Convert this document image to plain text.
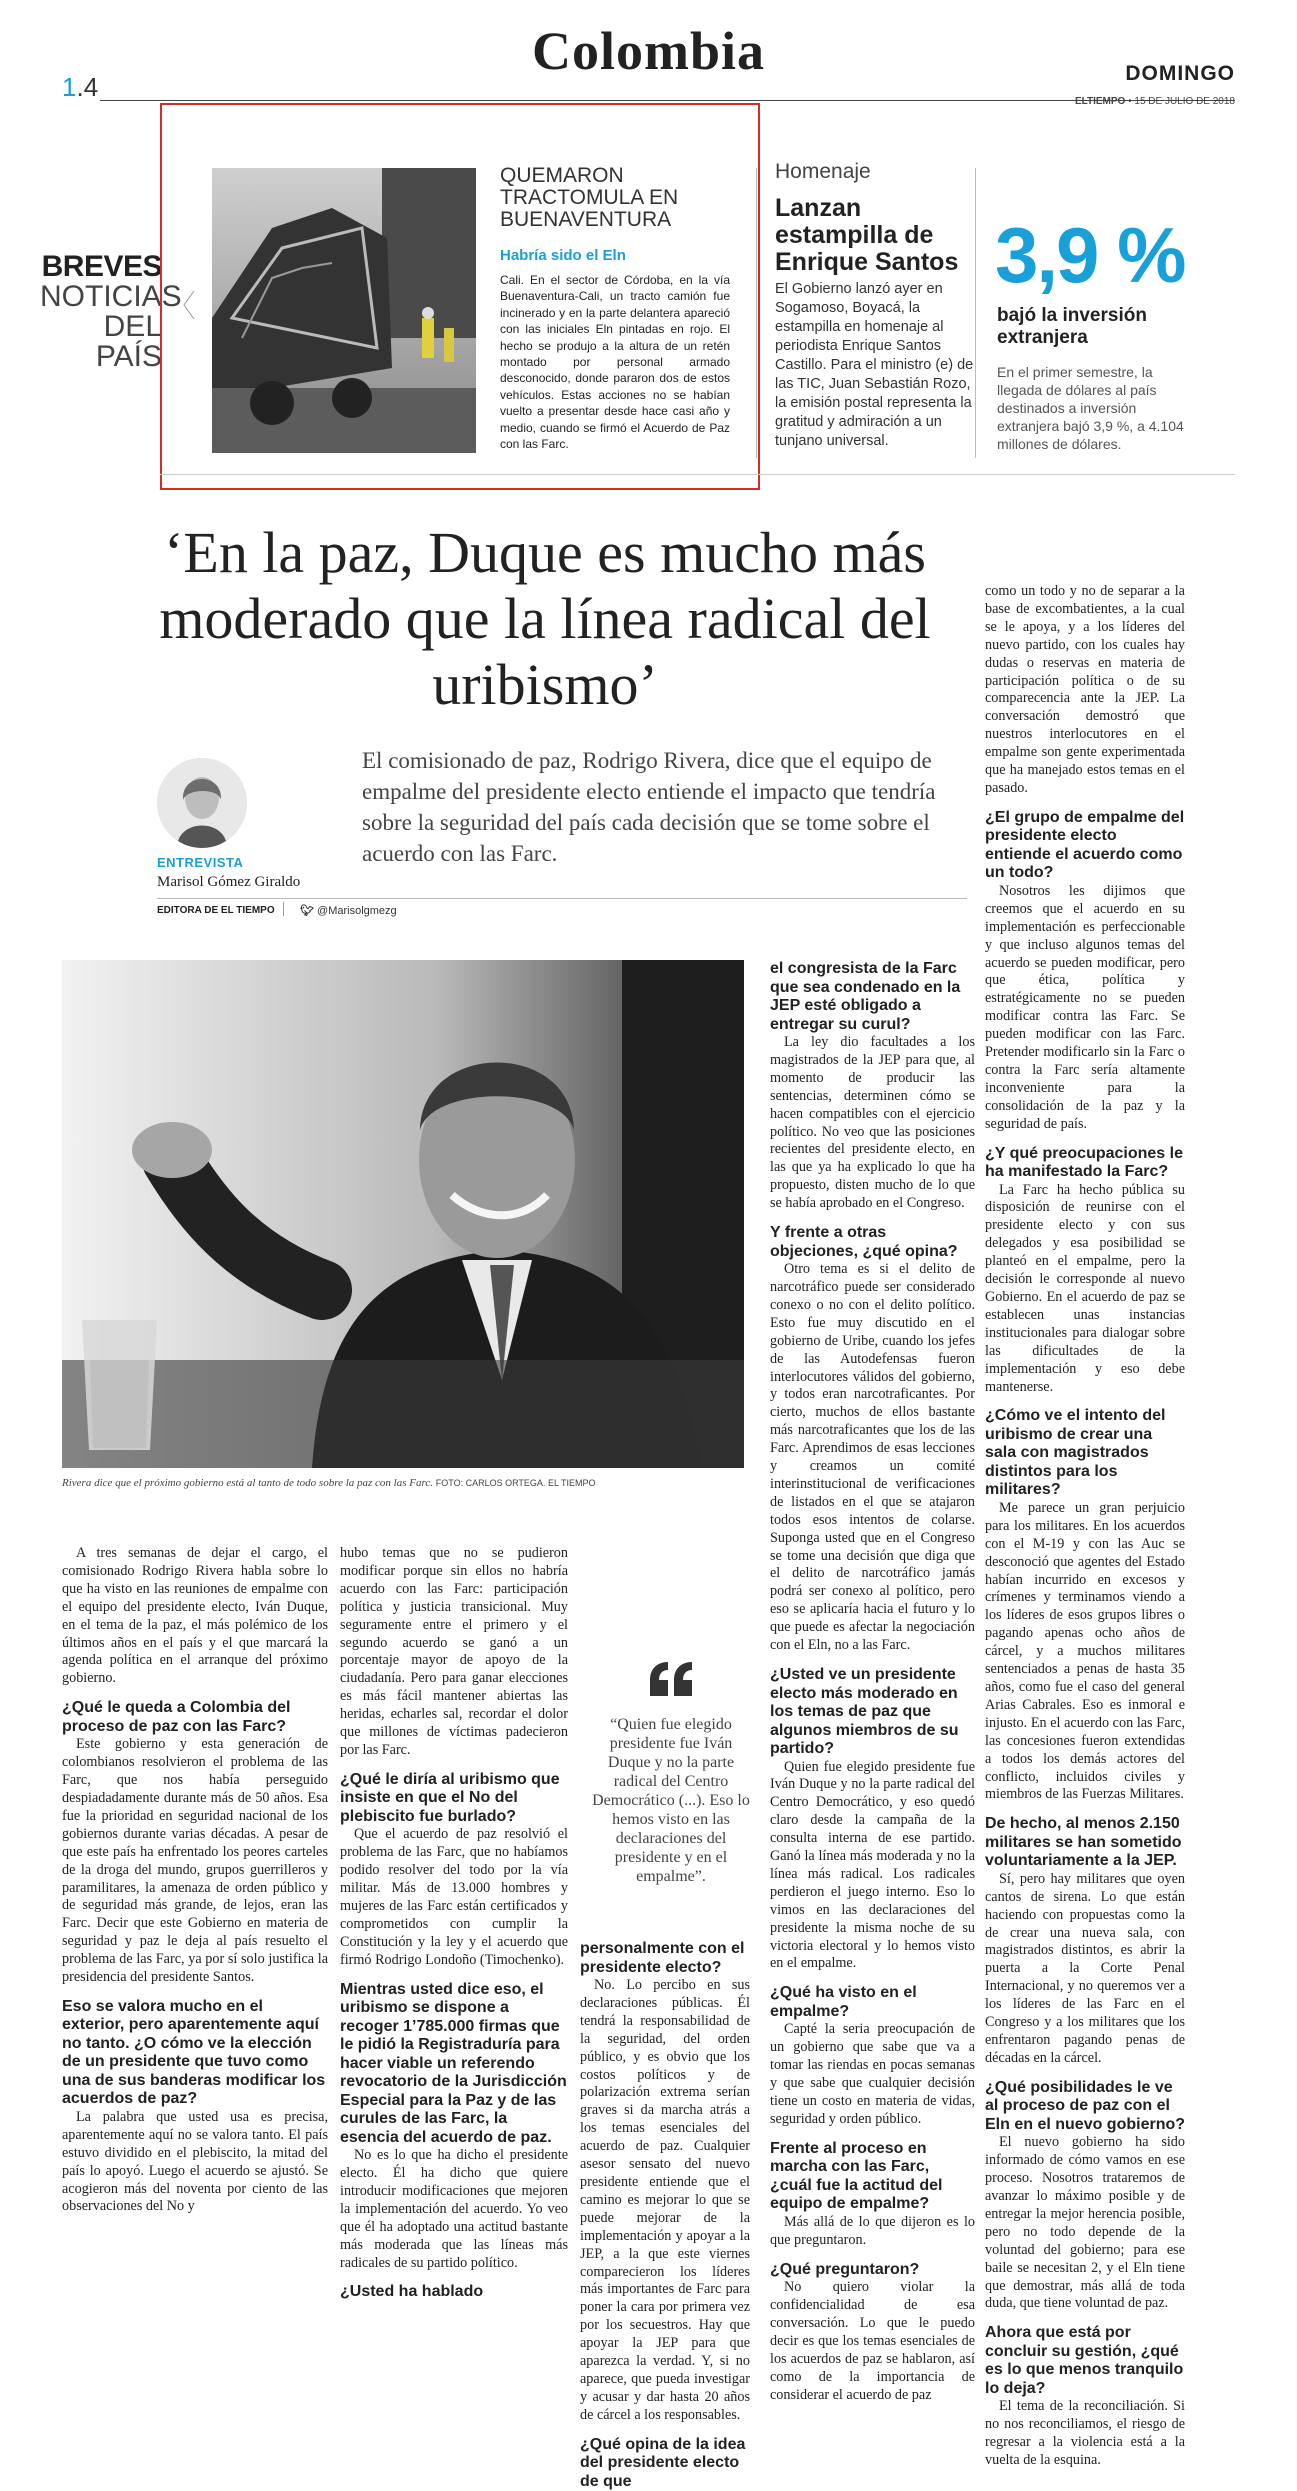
1.4
Colombia	DOMINGO
ELTIEMPO • 15 DE JULIO DE 2018
BREVES
NOTICIAS
DEL PAÍS
QUEMARON TRACTOMULA EN BUENAVENTURA
Habría sido el Eln
Cali. En el sector de Córdoba, en la vía Buenaventura-Cali, un tracto camión fue incinerado y en la parte delantera apareció con las iniciales Eln pintadas en rojo. El hecho se produjo a la altura de un retén montado por personal armado desconocido, donde pararon dos de estos vehículos. Estas acciones no se habían vuelto a presentar desde hace casi año y medio, cuando se firmó el Acuerdo de Paz con las Farc.
Homenaje
Lanzan estampilla de Enrique Santos
El Gobierno lanzó ayer en Sogamoso, Boyacá, la estampilla en homenaje al periodista Enrique Santos Castillo. Para el ministro (e) de las TIC, Juan Sebastián Rozo, la emisión postal representa la gratitud y admiración a un tunjano universal.
3,9 %
bajó la inversión extranjera
En el primer semestre, la llegada de dólares al país destinados a inversión extranjera bajó 3,9 %, a 4.104 millones de dólares.
‘En la paz, Duque es mucho más moderado que la línea radical del uribismo’
El comisionado de paz, Rodrigo Rivera, dice que el equipo de empalme del presidente electo entiende el impacto que tendría sobre la seguridad del país cada decisión que se tome sobre el acuerdo con las Farc.
ENTREVISTA
Marisol Gómez Giraldo
EDITORA DE EL TIEMPO 🐦︎ @Marisolgmezg
Rivera dice que el próximo gobierno está al tanto de todo sobre la paz con las Farc. FOTO: CARLOS ORTEGA. EL TIEMPO

A tres semanas de dejar el cargo, el comisionado Rodrigo Rivera habla sobre lo que ha visto en las reuniones de empalme con el equipo del presidente electo, Iván Duque, en el tema de la paz, el más polémico de los últimos años en el país y el que marcará la agenda política en el arranque del próximo gobierno.

¿Qué le queda a Colombia del proceso de paz con las Farc?

Este gobierno y esta generación de colombianos resolvieron el problema de las Farc, que nos había perseguido despiadadamente durante más de 50 años. Esa fue la prioridad en seguridad nacional de los gobiernos durante varias décadas. A pesar de que este país ha enfrentado los peores carteles de la droga del mundo, grupos guerrilleros y paramilitares, la amenaza de orden público y de seguridad más grande, de lejos, eran las Farc. Decir que este Gobierno en materia de seguridad y paz le deja al país resuelto el problema de las Farc, ya por sí solo justifica la presidencia del presidente Santos.

Eso se valora mucho en el exterior, pero aparentemente aquí no tanto. ¿O cómo ve la elección de un presidente que tuvo como una de sus banderas modificar los acuerdos de paz?

La palabra que usted usa es precisa, aparentemente aquí no se valora tanto. El país estuvo dividido en el plebiscito, la mitad del país lo apoyó. Luego el acuerdo se ajustó. Se acogieron más del noventa por ciento de las observaciones del No y

hubo temas que no se pudieron modificar porque sin ellos no habría acuerdo con las Farc: participación política y justicia transicional. Muy seguramente entre el primero y el segundo acuerdo se ganó a un porcentaje mayor de apoyo de la ciudadanía. Pero para ganar elecciones es más fácil mantener abiertas las heridas, echarles sal, recordar el dolor que millones de víctimas padecieron por las Farc.

¿Qué le diría al uribismo que insiste en que el No del plebiscito fue burlado?

Que el acuerdo de paz resolvió el problema de las Farc, que no habíamos podido resolver del todo por la vía militar. Más de 13.000 hombres y mujeres de las Farc están certificados y comprometidos con cumplir la Constitución y la ley y el acuerdo que firmó Rodrigo Londoño (Timochenko).

Mientras usted dice eso, el uribismo se dispone a recoger 1’785.000 firmas que le pidió la Registraduría para hacer viable un referendo revocatorio de la Jurisdicción Especial para la Paz y de las curules de las Farc, la esencia del acuerdo de paz.

No es lo que ha dicho el presidente electo. Él ha dicho que quiere introducir modificaciones que mejoren la implementación del acuerdo. Yo veo que él ha adoptado una actitud bastante más moderada que las líneas más radicales de su partido político.

¿Usted ha hablado

“Quien fue elegido presidente fue Iván Duque y no la parte radical del Centro Democrático (...). Eso lo hemos visto en las declaraciones del presidente y en el empalme”.

personalmente con el presidente electo?

No. Lo percibo en sus declaraciones públicas. Él tendrá la responsabilidad de la seguridad, del orden público, y es obvio que los costos políticos y de polarización extrema serían graves si da marcha atrás a los temas esenciales del acuerdo de paz. Cualquier asesor sensato del nuevo presidente entiende que el camino es mejorar lo que se puede mejorar de la implementación y apoyar a la JEP, a la que este viernes comparecieron los líderes más importantes de Farc para poner la cara por primera vez por los secuestros. Hay que apoyar la JEP para que aparezca la verdad. Y, si no aparece, que pueda investigar y acusar y dar hasta 20 años de cárcel a los responsables.

¿Qué opina de la idea del presidente electo de que

el congresista de la Farc que sea condenado en la JEP esté obligado a entregar su curul?

La ley dio facultades a los magistrados de la JEP para que, al momento de producir las sentencias, determinen cómo se hacen compatibles con el ejercicio político. No veo que las posiciones recientes del presidente electo, en las que ya ha explicado lo que ha propuesto, disten mucho de lo que se había aprobado en el Congreso.

Y frente a otras objeciones, ¿qué opina?

Otro tema es si el delito de narcotráfico puede ser considerado conexo o no con el delito político. Esto fue muy discutido en el gobierno de Uribe, cuando los jefes de las Autodefensas fueron interlocutores válidos del gobierno, y todos eran narcotraficantes. Por cierto, muchos de ellos bastante más narcotraficantes que los de las Farc. Aprendimos de esas lecciones y creamos un comité interinstitucional de verificaciones de listados en el que se atajaron todos esos intentos de colarse. Suponga usted que en el Congreso se tome una decisión que diga que el delito de narcotráfico jamás podrá ser conexo al político, pero eso se aplicaría hacia el futuro y lo que puede es afectar la negociación con el Eln, no a las Farc.

¿Usted ve un presidente electo más moderado en los temas de paz que algunos miembros de su partido?

Quien fue elegido presidente fue Iván Duque y no la parte radical del Centro Democrático, y eso quedó claro desde la campaña de la consulta interna de ese partido. Ganó la línea más moderada y no la línea más radical. Los radicales perdieron el juego interno. Eso lo vimos en las declaraciones del presidente la misma noche de su victoria electoral y lo hemos visto en el empalme.

¿Qué ha visto en el empalme?

Capté la seria preocupación de un gobierno que sabe que va a tomar las riendas en pocas semanas y que sabe que cualquier decisión tiene un costo en materia de vidas, seguridad y orden público.

Frente al proceso en marcha con las Farc, ¿cuál fue la actitud del equipo de empalme?

Más allá de lo que dijeron es lo que preguntaron.

¿Qué preguntaron?

No quiero violar la confidencialidad de esa conversación. Lo que le puedo decir es que los temas esenciales de los acuerdos de paz se hablaron, así como de la importancia de considerar el acuerdo de paz

como un todo y no de separar a la base de excombatientes, a la cual se le apoya, y a los líderes del nuevo partido, con los cuales hay dudas o reservas en materia de participación política o de su comparecencia ante la JEP. La conversación demostró que nuestros interlocutores en el empalme son gente experimentada que ha manejado estos temas en el pasado.

¿El grupo de empalme del presidente electo entiende el acuerdo como un todo?

Nosotros les dijimos que creemos que el acuerdo en su implementación es perfeccionable y que incluso algunos temas del acuerdo se pueden modificar, pero que ética, política y estratégicamente no se pueden modificar contra las Farc. Se pueden modificar con las Farc. Pretender modificarlo sin la Farc o contra la Farc sería altamente inconveniente para la consolidación de la paz y la seguridad de país.

¿Y qué preocupaciones le ha manifestado la Farc?

La Farc ha hecho pública su disposición de reunirse con el presidente electo y con sus delegados y esa posibilidad se planteó en el empalme, pero la decisión le corresponde al nuevo Gobierno. En el acuerdo de paz se establecen unas instancias institucionales para dialogar sobre las dificultades de la implementación y eso debe mantenerse.

¿Cómo ve el intento del uribismo de crear una sala con magistrados distintos para los militares?

Me parece un gran perjuicio para los militares. En los acuerdos con el M-19 y con las Auc se desconoció que agentes del Estado habían incurrido en excesos y crímenes y terminamos viendo a los líderes de esos grupos libres o pagando apenas ocho años de cárcel, y a muchos militares sentenciados a penas de hasta 35 años, como fue el caso del general Arias Cabrales. Eso es inmoral e injusto. En el acuerdo con las Farc, las concesiones fueron extendidas a todos los demás actores del conflicto, incluidos civiles y miembros de las Fuerzas Militares.

De hecho, al menos 2.150 militares se han sometido voluntariamente a la JEP.

Sí, pero hay militares que oyen cantos de sirena. Lo que están haciendo con propuestas como la de crear una nueva sala, con magistrados distintos, es abrir la puerta a la Corte Penal Internacional, y no queremos ver a los líderes de las Farc en el Congreso y a los militares que los enfrentaron pagando penas de décadas en la cárcel.

¿Qué posibilidades le ve al proceso de paz con el Eln en el nuevo gobierno?

El nuevo gobierno ha sido informado de cómo vamos en ese proceso. Nosotros trataremos de avanzar lo máximo posible y de entregar la mejor herencia posible, pero no todo depende de la voluntad del gobierno; para ese baile se necesitan 2, y el Eln tiene que demostrar, más allá de toda duda, que tiene voluntad de paz.

Ahora que está por concluir su gestión, ¿qué es lo que menos tranquilo lo deja?

El tema de la reconciliación. Si no nos reconciliamos, el riesgo de regresar a la violencia está a la vuelta de la esquina.
